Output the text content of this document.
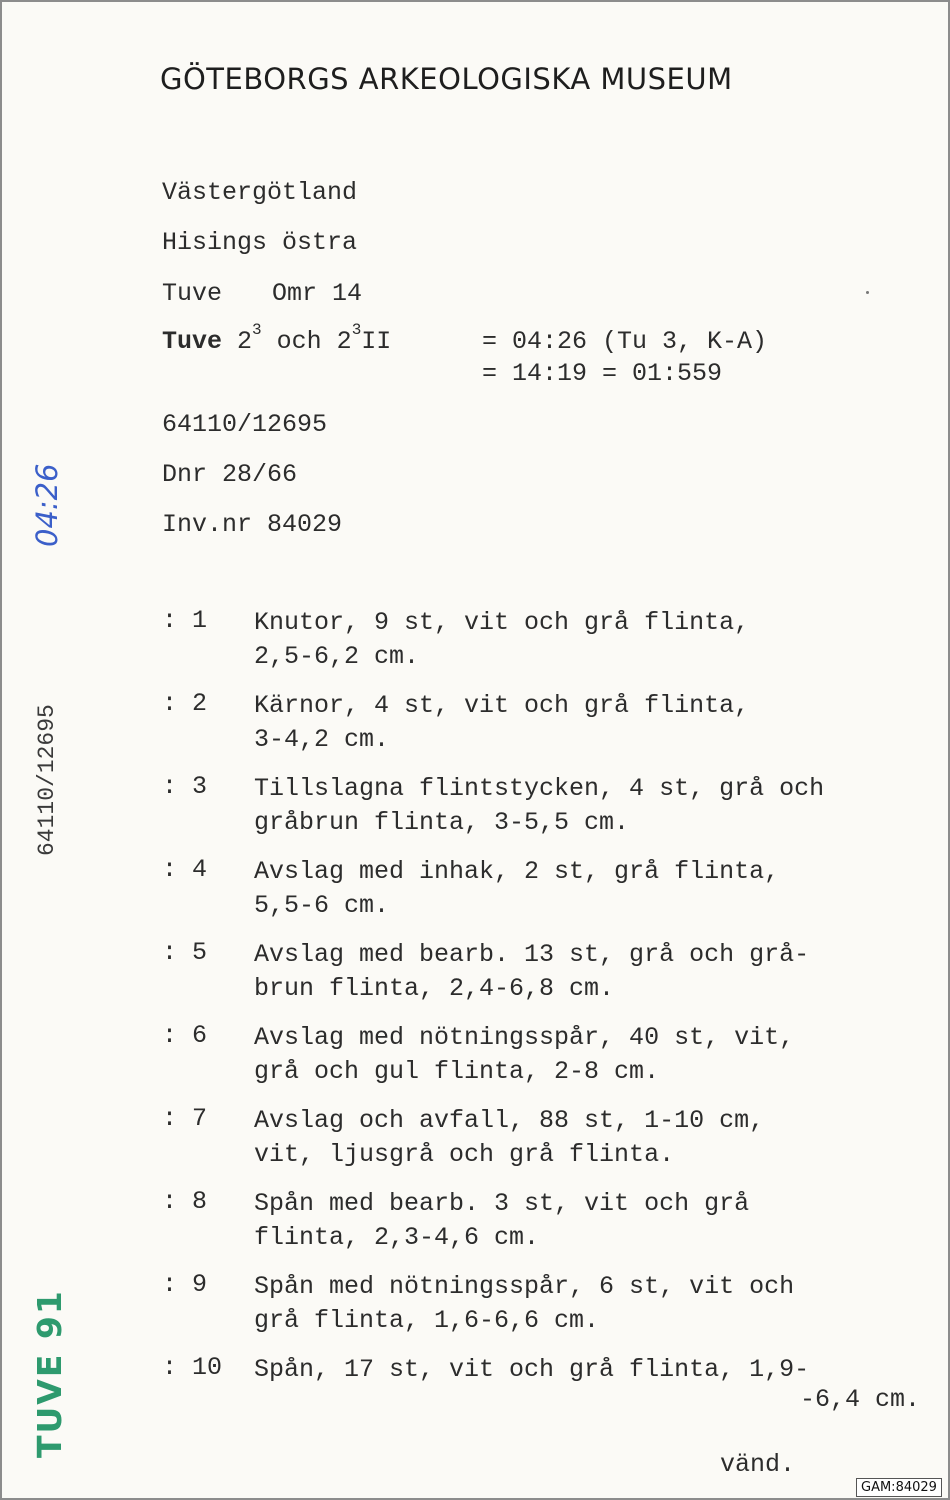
GÖTEBORGS ARKEOLOGISKA MUSEUM
Västergötland
Hisings östra
Tuve Omr 14
Tuve $2^3$ och $2^3II$	= 04:26 (Tu 3, K-A)
= 14:19 = 01:559
64110/12695
Dnr 28/66
Inv.nr 84029
: 1 Knutor, 9 st, vit och grå flinta,
2,5-6,2 cm.
: 2 Kärnor, 4 st, vit och grå flinta,
3-4,2 cm.
: 3 Tillslagna flintstycken, 4 st, grå och
gråbrun flinta, 3-5,5 cm.
: 4 Avslag med inhak, 2 st, grå flinta,
5,5-6 cm.
: 5 Avslag med bearb. 13 st, grå och grå-
brun flinta, 2,4-6,8 cm.
: 6 Avslag med nötningsspår, 40 st, vit,
grå och gul flinta, 2-8 cm.
: 7 Avslag och avfall, 88 st, 1-10 cm,
vit, ljusgrå och grå flinta.
: 8 Spån med bearb. 3 st, vit och grå
flinta, 2,3-4,6 cm.
: 9 Spån med nötningsspår, 6 st, vit och
grå flinta, 1,6-6,6 cm.
: 10 Spån, 17 st, vit och grå flinta, 1,9-
-6,4 cm.
64110/12695
04:26
TUVE 91
vänd.
GAM:84029
